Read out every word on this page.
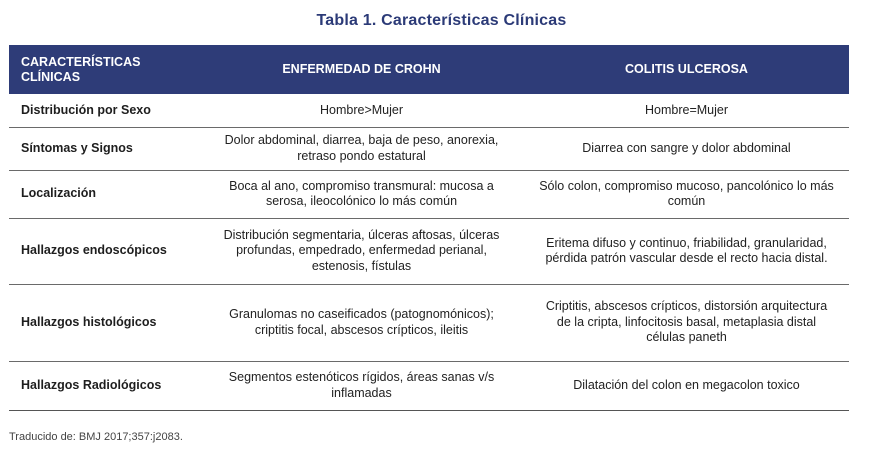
Tabla 1. Características Clínicas
CARACTERÍSTICAS CLÍNICAS	ENFERMEDAD DE CROHN	COLITIS ULCEROSA
Distribución por Sexo	Hombre>Mujer	Hombre=Mujer
Síntomas y Signos	Dolor abdominal, diarrea, baja de peso, anorexia, retraso pondo estatural	Diarrea con sangre y dolor abdominal
Localización	Boca al ano, compromiso transmural: mucosa a serosa, ileocolónico lo más común	Sólo colon, compromiso mucoso, pancolónico lo más común
Hallazgos endoscópicos	Distribución segmentaria, úlceras aftosas, úlceras profundas, empedrado, enfermedad perianal, estenosis, fístulas	Eritema difuso y continuo, friabilidad, granularidad, pérdida patrón vascular desde el recto hacia distal.
Hallazgos histológicos	Granulomas no caseificados (patognomónicos); criptitis focal, abscesos crípticos, ileitis	Criptitis, abscesos crípticos, distorsión arquitectura de la cripta, linfocitosis basal, metaplasia distal células paneth
Hallazgos Radiológicos	Segmentos estenóticos rígidos, áreas sanas v/s inflamadas	Dilatación del colon en megacolon toxico
Traducido de: BMJ 2017;357:j2083.
